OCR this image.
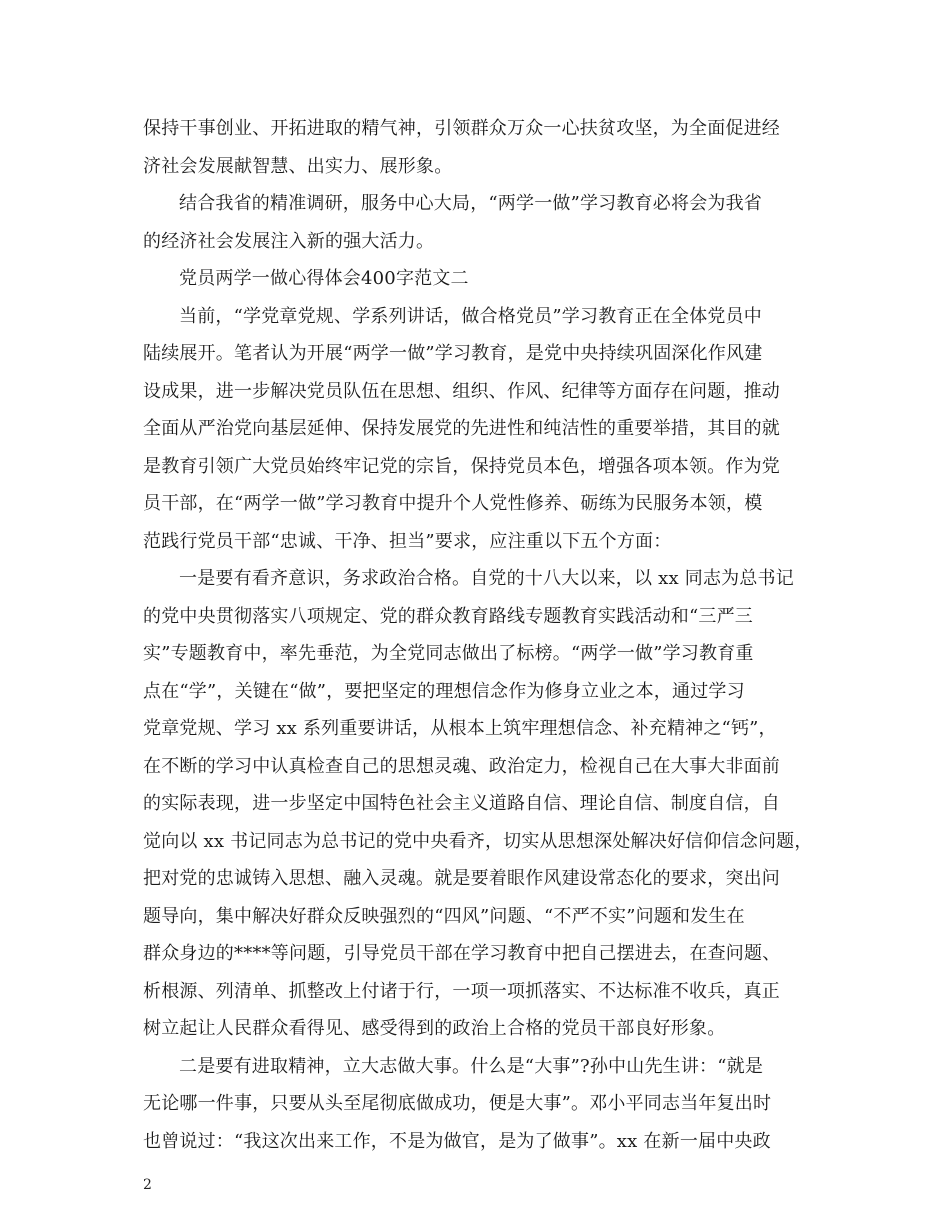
保持干事创业、开拓进取的精气神，引领群众万众一心扶贫攻坚，为全面促进经
济社会发展献智慧、出实力、展形象。
结合我省的精准调研，服务中心大局，“两学一做”学习教育必将会为我省
的经济社会发展注入新的强大活力。
党员两学一做心得体会400字范文二
当前，“学党章党规、学系列讲话，做合格党员”学习教育正在全体党员中
陆续展开。笔者认为开展“两学一做”学习教育，是党中央持续巩固深化作风建
设成果，进一步解决党员队伍在思想、组织、作风、纪律等方面存在问题，推动
全面从严治党向基层延伸、保持发展党的先进性和纯洁性的重要举措，其目的就
是教育引领广大党员始终牢记党的宗旨，保持党员本色，增强各项本领。作为党
员干部，在“两学一做”学习教育中提升个人党性修养、砺练为民服务本领，模
范践行党员干部“忠诚、干净、担当”要求，应注重以下五个方面：
一是要有看齐意识，务求政治合格。自党的十八大以来，以 xx 同志为总书记
的党中央贯彻落实八项规定、党的群众教育路线专题教育实践活动和“三严三
实”专题教育中，率先垂范，为全党同志做出了标榜。“两学一做”学习教育重
点在“学”，关键在“做”，要把坚定的理想信念作为修身立业之本，通过学习
党章党规、学习 xx 系列重要讲话，从根本上筑牢理想信念、补充精神之“钙”，
在不断的学习中认真检查自己的思想灵魂、政治定力，检视自己在大事大非面前
的实际表现，进一步坚定中国特色社会主义道路自信、理论自信、制度自信，自
觉向以 xx 书记同志为总书记的党中央看齐，切实从思想深处解决好信仰信念问题，
把对党的忠诚铸入思想、融入灵魂。就是要着眼作风建设常态化的要求，突出问
题导向，集中解决好群众反映强烈的“四风”问题、“不严不实”问题和发生在
群众身边的****等问题，引导党员干部在学习教育中把自己摆进去，在查问题、
析根源、列清单、抓整改上付诸于行，一项一项抓落实、不达标准不收兵，真正
树立起让人民群众看得见、感受得到的政治上合格的党员干部良好形象。
二是要有进取精神，立大志做大事。什么是“大事”?孙中山先生讲：“就是
无论哪一件事，只要从头至尾彻底做成功，便是大事”。邓小平同志当年复出时
也曾说过：“我这次出来工作，不是为做官，是为了做事”。xx 在新一届中央政
2
